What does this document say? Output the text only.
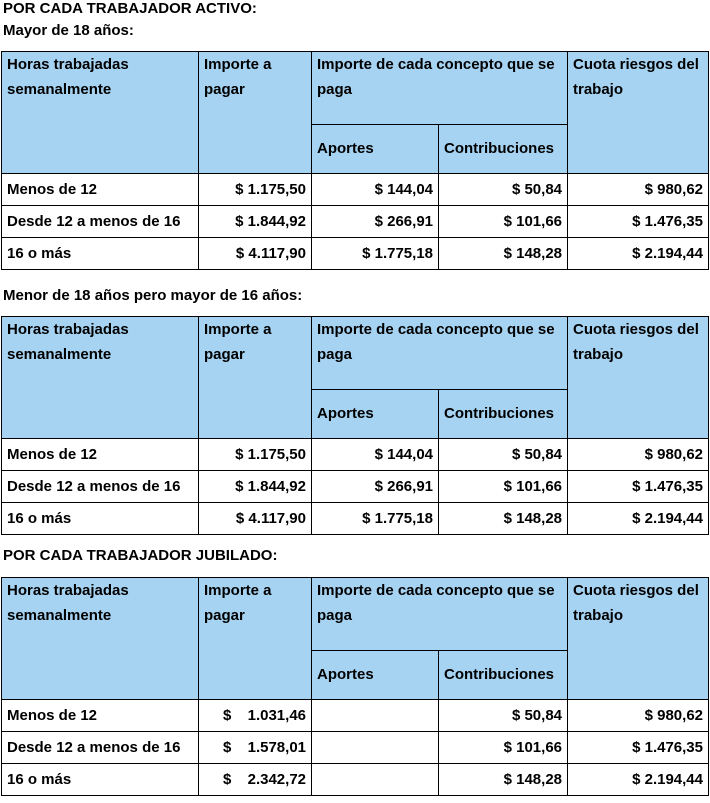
POR CADA TRABAJADOR ACTIVO:
Mayor de 18 años:
Horas trabajadas semanalmente	Importe a pagar	Importe de cada concepto que se paga		Cuota riesgos del trabajo
		Aportes	Contribuciones	
Menos de 12	$ 1.175,50	$ 144,04	$ 50,84	$ 980,62
Desde 12 a menos de 16	$ 1.844,92	$ 266,91	$ 101,66	$ 1.476,35
16 o más	$ 4.117,90	$ 1.775,18	$ 148,28	$ 2.194,44
Menor de 18 años pero mayor de 16 años:
Horas trabajadas semanalmente	Importe a pagar	Importe de cada concepto que se paga		Cuota riesgos del trabajo
		Aportes	Contribuciones	
Menos de 12	$ 1.175,50	$ 144,04	$ 50,84	$ 980,62
Desde 12 a menos de 16	$ 1.844,92	$ 266,91	$ 101,66	$ 1.476,35
16 o más	$ 4.117,90	$ 1.775,18	$ 148,28	$ 2.194,44
POR CADA TRABAJADOR JUBILADO:
Horas trabajadas semanalmente	Importe a pagar	Importe de cada concepto que se paga		Cuota riesgos del trabajo
		Aportes	Contribuciones	
Menos de 12	$ 1.031,46		$ 50,84	$ 980,62
Desde 12 a menos de 16	$ 1.578,01		$ 101,66	$ 1.476,35
16 o más	$ 2.342,72		$ 148,28	$ 2.194,44
